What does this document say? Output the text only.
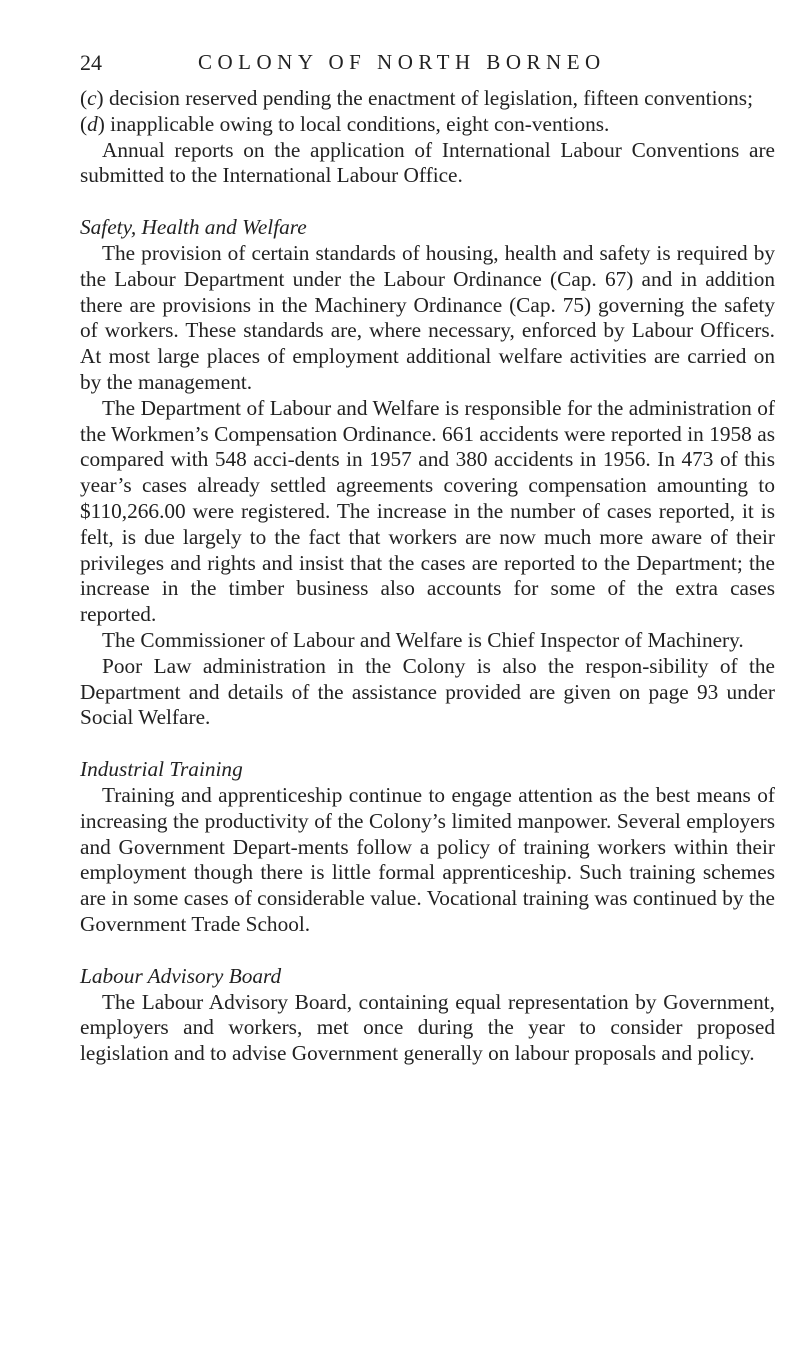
24	COLONY OF NORTH BORNEO

(c) decision reserved pending the enactment of legislation, fifteen conventions;

(d) inapplicable owing to local conditions, eight con-ventions.

Annual reports on the application of International Labour Conventions are submitted to the International Labour Office.

Safety, Health and Welfare

The provision of certain standards of housing, health and safety is required by the Labour Department under the Labour Ordinance (Cap. 67) and in addition there are provisions in the Machinery Ordinance (Cap. 75) governing the safety of workers. These standards are, where necessary, enforced by Labour Officers. At most large places of employment additional welfare activities are carried on by the management.

The Department of Labour and Welfare is responsible for the administration of the Workmen’s Compensation Ordinance. 661 accidents were reported in 1958 as compared with 548 acci-dents in 1957 and 380 accidents in 1956. In 473 of this year’s cases already settled agreements covering compensation amounting to $110,266.00 were registered. The increase in the number of cases reported, it is felt, is due largely to the fact that workers are now much more aware of their privileges and rights and insist that the cases are reported to the Department; the increase in the timber business also accounts for some of the extra cases reported.

The Commissioner of Labour and Welfare is Chief Inspector of Machinery.

Poor Law administration in the Colony is also the respon-sibility of the Department and details of the assistance provided are given on page 93 under Social Welfare.

Industrial Training

Training and apprenticeship continue to engage attention as the best means of increasing the productivity of the Colony’s limited manpower. Several employers and Government Depart-ments follow a policy of training workers within their employment though there is little formal apprenticeship. Such training schemes are in some cases of considerable value. Vocational training was continued by the Government Trade School.

Labour Advisory Board

The Labour Advisory Board, containing equal representation by Government, employers and workers, met once during the year to consider proposed legislation and to advise Government generally on labour proposals and policy.
